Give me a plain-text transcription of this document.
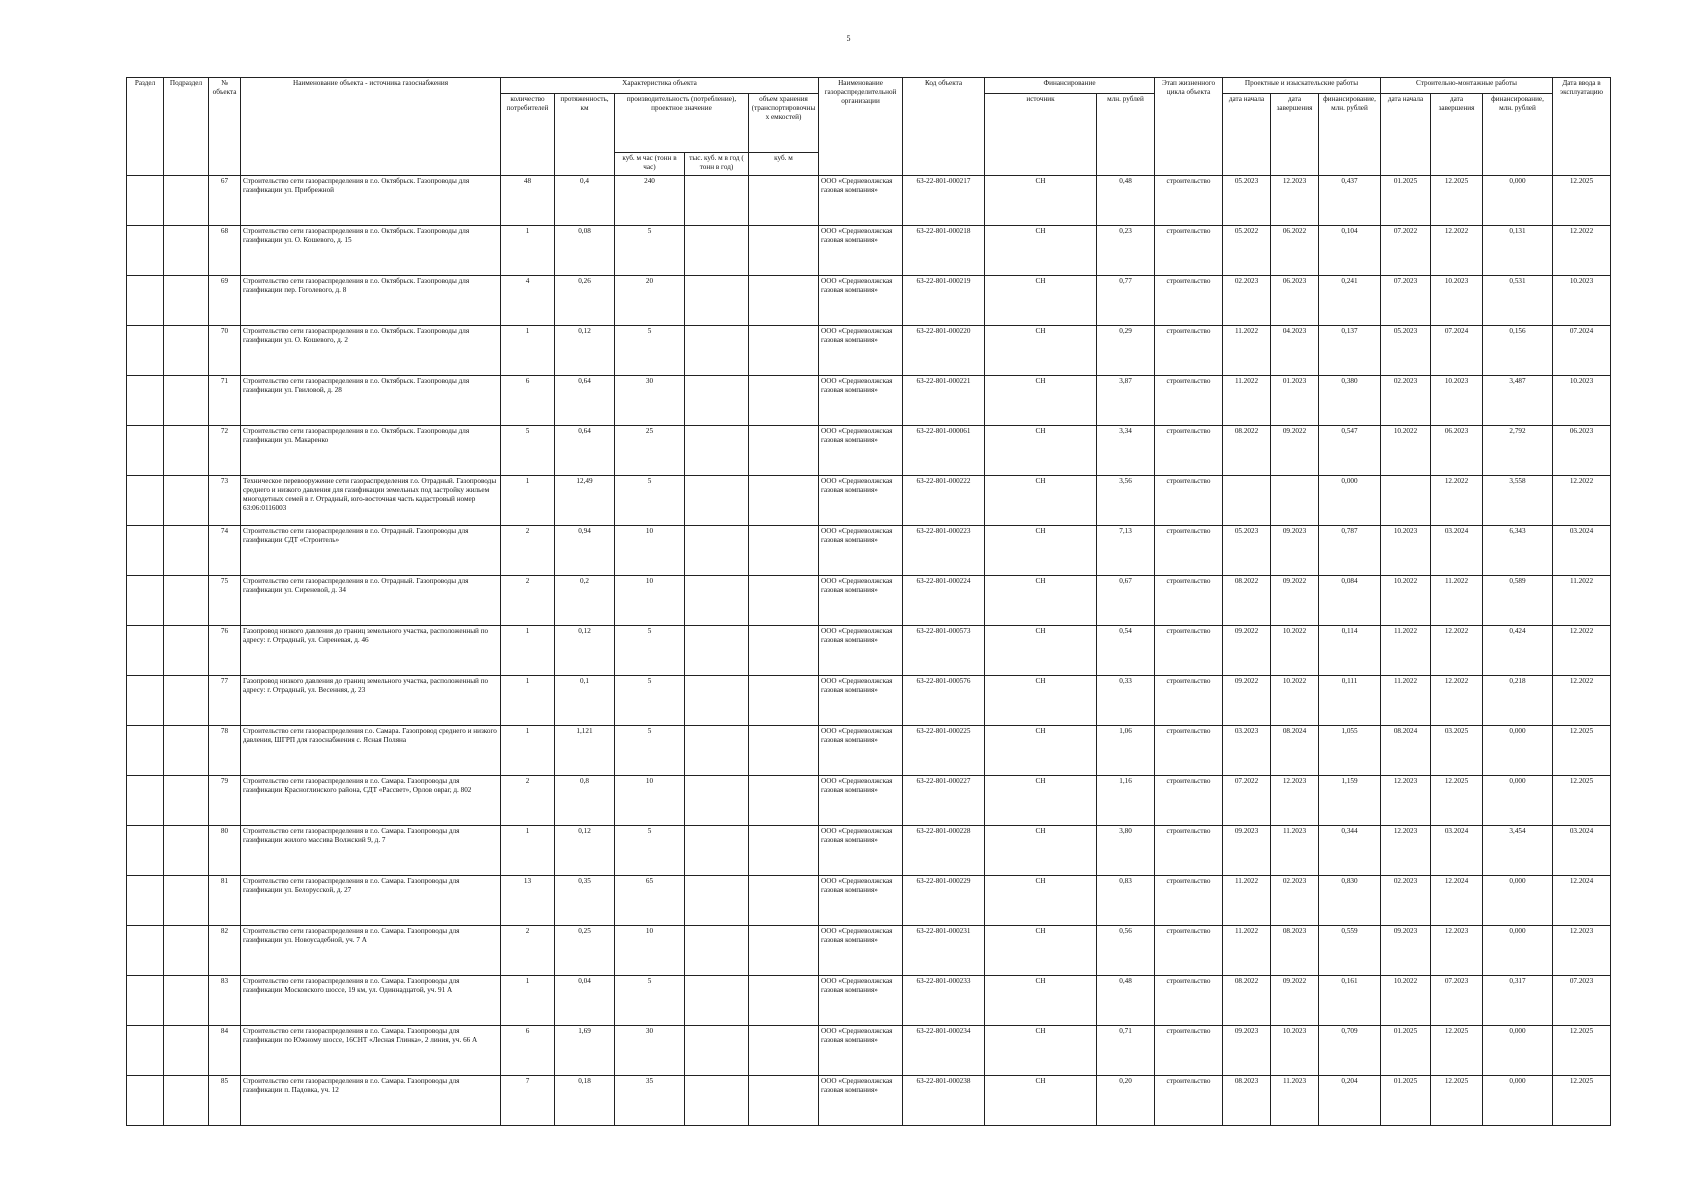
5
Раздел	Подраздел	№ объекта	Наименование объекта - источника газоснабжения	Характеристика объекта					Наименование газораспределительной организации	Код объекта	Финансирование		Этап жизненного цикла объекта	Проектные и изыскательские работы			Строительно-монтажные работы			Дата ввода в эксплуатацию
				количество потребителей	протяженность, км	производительность (потребление), проектное значение		объем хранения (транспортировочных емкостей)			источник	млн. рублей		дата начала	дата завершения	финансирование, млн. рублей	дата начала	дата завершения	финансирование, млн. рублей	
						куб. м час (тонн в час)	тыс. куб. м в год ( тонн в год)	куб. м												
		67	Строительство сети газораспределения в г.о. Октябрьск. Газопроводы для газификации ул. Прибрежной	48	0,4	240			ООО «Средневолжская газовая компания»	63-22-801-000217	СН	0,48	строительство	05.2023	12.2023	0,437	01.2025	12.2025	0,000	12.2025
		68	Строительство сети газораспределения в г.о. Октябрьск. Газопроводы для газификации ул. О. Кошевого, д. 15	1	0,08	5			ООО «Средневолжская газовая компания»	63-22-801-000218	СН	0,23	строительство	05.2022	06.2022	0,104	07.2022	12.2022	0,131	12.2022
		69	Строительство сети газораспределения в г.о. Октябрьск. Газопроводы для газификации пер. Гоголевого, д. 8	4	0,26	20			ООО «Средневолжская газовая компания»	63-22-801-000219	СН	0,77	строительство	02.2023	06.2023	0,241	07.2023	10.2023	0,531	10.2023
		70	Строительство сети газораспределения в г.о. Октябрьск. Газопроводы для газификации ул. О. Кошевого, д. 2	1	0,12	5			ООО «Средневолжская газовая компания»	63-22-801-000220	СН	0,29	строительство	11.2022	04.2023	0,137	05.2023	07.2024	0,156	07.2024
		71	Строительство сети газораспределения в г.о. Октябрьск. Газопроводы для газификации ул. Гвиловой, д. 28	6	0,64	30			ООО «Средневолжская газовая компания»	63-22-801-000221	СН	3,87	строительство	11.2022	01.2023	0,380	02.2023	10.2023	3,487	10.2023
		72	Строительство сети газораспределения в г.о. Октябрьск. Газопроводы для газификации ул. Макаренко	5	0,64	25			ООО «Средневолжская газовая компания»	63-22-801-000061	СН	3,34	строительство	08.2022	09.2022	0,547	10.2022	06.2023	2,792	06.2023
		73	Техническое перевооружение сети газораспределения г.о. Отрадный. Газопроводы среднего и низкого давления для газификации земельных под застройку жильем многодетных семей в г. Отрадный, юго-восточная часть кадастровый номер 63:06:0116003	1	12,49	5			ООО «Средневолжская газовая компания»	63-22-801-000222	СН	3,56	строительство			0,000		12.2022	3,558	12.2022
		74	Строительство сети газораспределения в г.о. Отрадный. Газопроводы для газификации СДТ «Строитель»	2	0,94	10			ООО «Средневолжская газовая компания»	63-22-801-000223	СН	7,13	строительство	05.2023	09.2023	0,787	10.2023	03.2024	6,343	03.2024
		75	Строительство сети газораспределения в г.о. Отрадный. Газопроводы для газификации ул. Сиреневой, д. 34	2	0,2	10			ООО «Средневолжская газовая компания»	63-22-801-000224	СН	0,67	строительство	08.2022	09.2022	0,084	10.2022	11.2022	0,589	11.2022
		76	Газопровод низкого давления до границ земельного участка, расположенный по адресу: г. Отрадный, ул. Сиреневая, д. 46	1	0,12	5			ООО «Средневолжская газовая компания»	63-22-801-000573	СН	0,54	строительство	09.2022	10.2022	0,114	11.2022	12.2022	0,424	12.2022
		77	Газопровод низкого давления до границ земельного участка, расположенный по адресу: г. Отрадный, ул. Весенняя, д. 23	1	0,1	5			ООО «Средневолжская газовая компания»	63-22-801-000576	СН	0,33	строительство	09.2022	10.2022	0,111	11.2022	12.2022	0,218	12.2022
		78	Строительство сети газораспределения г.о. Самара. Газопровод среднего и низкого давления, ШГРП для газоснабжения с. Ясная Поляна	1	1,121	5			ООО «Средневолжская газовая компания»	63-22-801-000225	СН	1,06	строительство	03.2023	08.2024	1,055	08.2024	03.2025	0,000	12.2025
		79	Строительство сети газораспределения в г.о. Самара. Газопроводы для газификации Красноглинского района, СДТ «Рассвет», Орлов овраг, д. 802	2	0,8	10			ООО «Средневолжская газовая компания»	63-22-801-000227	СН	1,16	строительство	07.2022	12.2023	1,159	12.2023	12.2025	0,000	12.2025
		80	Строительство сети газораспределения в г.о. Самара. Газопроводы для газификации жилого массива Волжский 9, д. 7	1	0,12	5			ООО «Средневолжская газовая компания»	63-22-801-000228	СН	3,80	строительство	09.2023	11.2023	0,344	12.2023	03.2024	3,454	03.2024
		81	Строительство сети газораспределения в г.о. Самара. Газопроводы для газификации ул. Белорусской, д. 27	13	0,35	65			ООО «Средневолжская газовая компания»	63-22-801-000229	СН	0,83	строительство	11.2022	02.2023	0,830	02.2023	12.2024	0,000	12.2024
		82	Строительство сети газораспределения в г.о. Самара. Газопроводы для газификации ул. Новоусадебной, уч. 7 А	2	0,25	10			ООО «Средневолжская газовая компания»	63-22-801-000231	СН	0,56	строительство	11.2022	08.2023	0,559	09.2023	12.2023	0,000	12.2023
		83	Строительство сети газораспределения в г.о. Самара. Газопроводы для газификации Московского шоссе, 19 км, ул. Одиннадцатой, уч. 91 А	1	0,04	5			ООО «Средневолжская газовая компания»	63-22-801-000233	СН	0,48	строительство	08.2022	09.2022	0,161	10.2022	07.2023	0,317	07.2023
		84	Строительство сети газораспределения в г.о. Самара. Газопроводы для газификации по Южному шоссе, 16СНТ «Лесная Глинка», 2 линия, уч. 66 А	6	1,69	30			ООО «Средневолжская газовая компания»	63-22-801-000234	СН	0,71	строительство	09.2023	10.2023	0,709	01.2025	12.2025	0,000	12.2025
		85	Строительство сети газораспределения в г.о. Самара. Газопроводы для газификации п. Падовка, уч. 12	7	0,18	35			ООО «Средневолжская газовая компания»	63-22-801-000238	СН	0,20	строительство	08.2023	11.2023	0,204	01.2025	12.2025	0,000	12.2025
